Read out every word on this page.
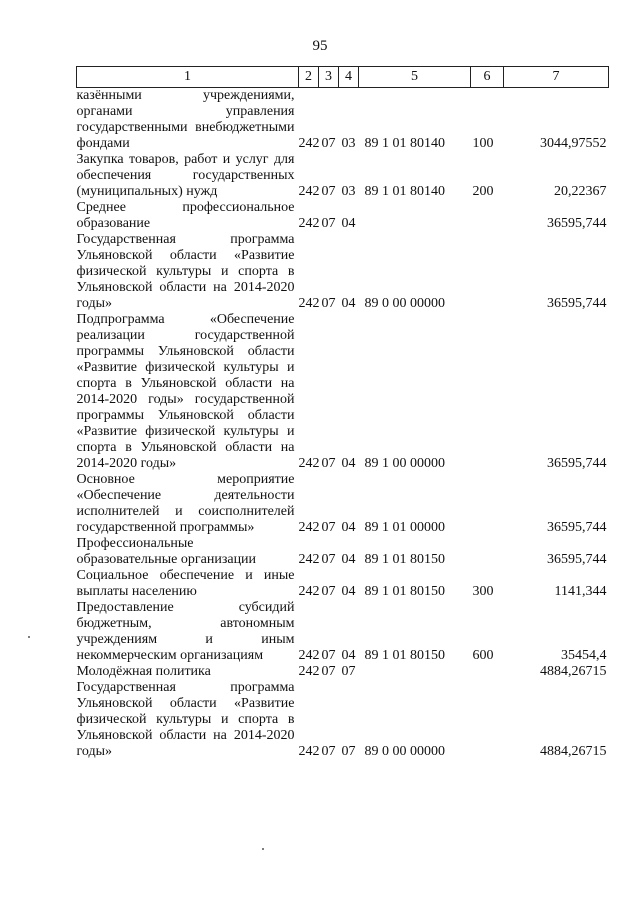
95
1	2	3	4	5	6	7
казёнными учреждениями, органами управления государственными внебюджетными фондами	242	07	03	89 1 01 80140	100	3044,97552
Закупка товаров, работ и услуг для обеспечения государственных (муниципальных) нужд	242	07	03	89 1 01 80140	200	20,22367
Среднее профессиональное образование	242	07	04			36595,744
Государственная программа Ульяновской области «Развитие физической культуры и спорта в Ульяновской области на 2014-2020 годы»	242	07	04	89 0 00 00000		36595,744
Подпрограмма «Обеспечение реализации государственной программы Ульяновской области «Развитие физической культуры и спорта в Ульяновской области на 2014-2020 годы» государственной программы Ульяновской области «Развитие физической культуры и спорта в Ульяновской области на 2014-2020 годы»	242	07	04	89 1 00 00000		36595,744
Основное мероприятие «Обеспечение деятельности исполнителей и соисполнителей государственной программы»	242	07	04	89 1 01 00000		36595,744
Профессиональные образовательные организации	242	07	04	89 1 01 80150		36595,744
Социальное обеспечение и иные выплаты населению	242	07	04	89 1 01 80150	300	1141,344
Предоставление субсидий бюджетным, автономным учреждениям и иным некоммерческим организациям	242	07	04	89 1 01 80150	600	35454,4
Молодёжная политика	242	07	07			4884,26715
Государственная программа Ульяновской области «Развитие физической культуры и спорта в Ульяновской области на 2014-2020 годы»	242	07	07	89 0 00 00000		4884,26715
